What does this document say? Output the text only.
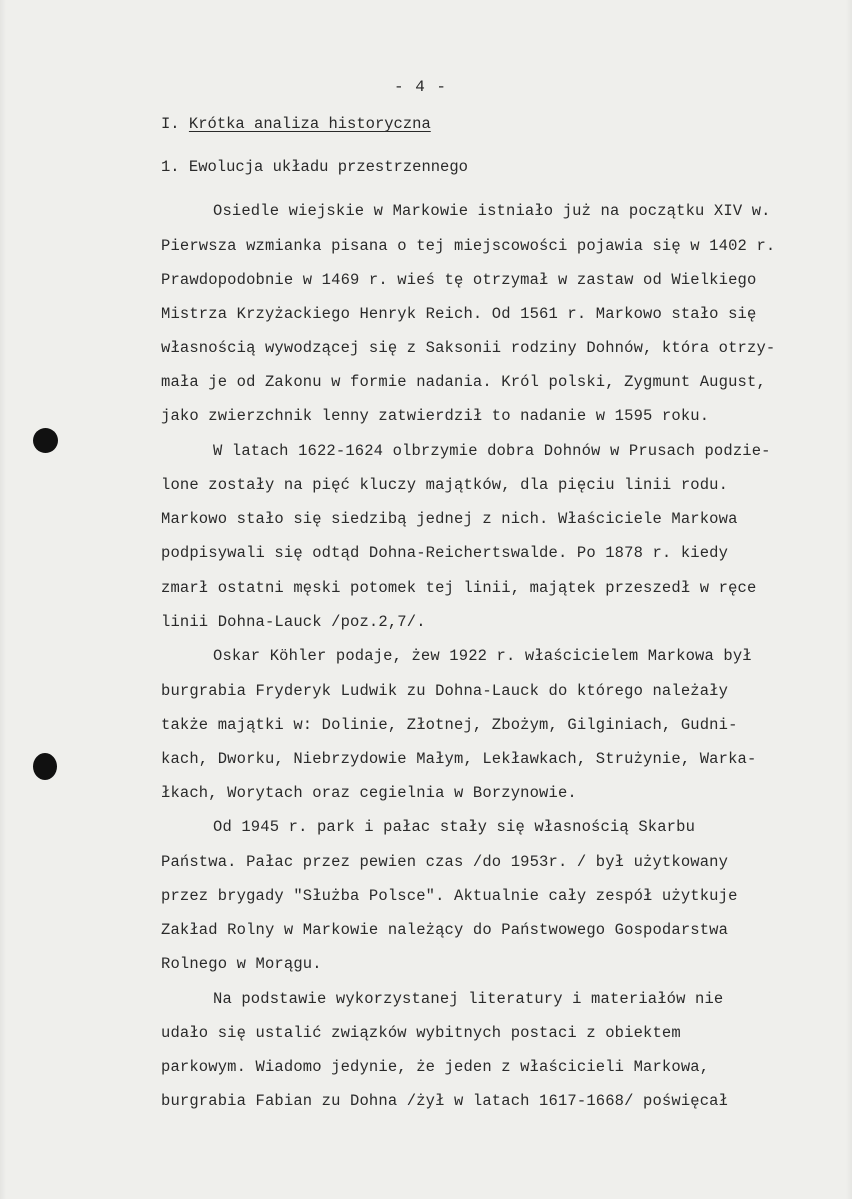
- 4 -
I. Krótka analiza historyczna
1. Ewolucja układu przestrzennego
Osiedle wiejskie w Markowie istniało już na początku XIV w.
Pierwsza wzmianka pisana o tej miejscowości pojawia się w 1402 r.
Prawdopodobnie w 1469 r. wieś tę otrzymał w zastaw od Wielkiego
Mistrza Krzyżackiego Henryk Reich. Od 1561 r. Markowo stało się
własnością wywodzącej się z Saksonii rodziny Dohnów, która otrzy-
mała je od Zakonu w formie nadania. Król polski, Zygmunt August,
jako zwierzchnik lenny zatwierdził to nadanie w 1595 roku.
W latach 1622-1624 olbrzymie dobra Dohnów w Prusach podzie-
lone zostały na pięć kluczy majątków, dla pięciu linii rodu.
Markowo stało się siedzibą jednej z nich. Właściciele Markowa
podpisywali się odtąd Dohna-Reichertswalde. Po 1878 r. kiedy
zmarł ostatni męski potomek tej linii, majątek przeszedł w ręce
linii Dohna-Lauck /poz.2,7/.
Oskar Köhler podaje, żew 1922 r. właścicielem Markowa był
burgrabia Fryderyk Ludwik zu Dohna-Lauck do którego należały
także majątki w: Dolinie, Złotnej, Zbożym, Gilginiach, Gudni-
kach, Dworku, Niebrzydowie Małym, Lekławkach, Strużynie, Warka-
łkach, Worytach oraz cegielnia w Borzynowie.
Od 1945 r. park i pałac stały się własnością Skarbu
Państwa. Pałac przez pewien czas /do 1953r. / był użytkowany
przez brygady "Służba Polsce". Aktualnie cały zespół użytkuje
Zakład Rolny w Markowie należący do Państwowego Gospodarstwa
Rolnego w Morągu.
Na podstawie wykorzystanej literatury i materiałów nie
udało się ustalić związków wybitnych postaci z obiektem
parkowym. Wiadomo jedynie, że jeden z właścicieli Markowa,
burgrabia Fabian zu Dohna /żył w latach 1617-1668/ poświęcał
